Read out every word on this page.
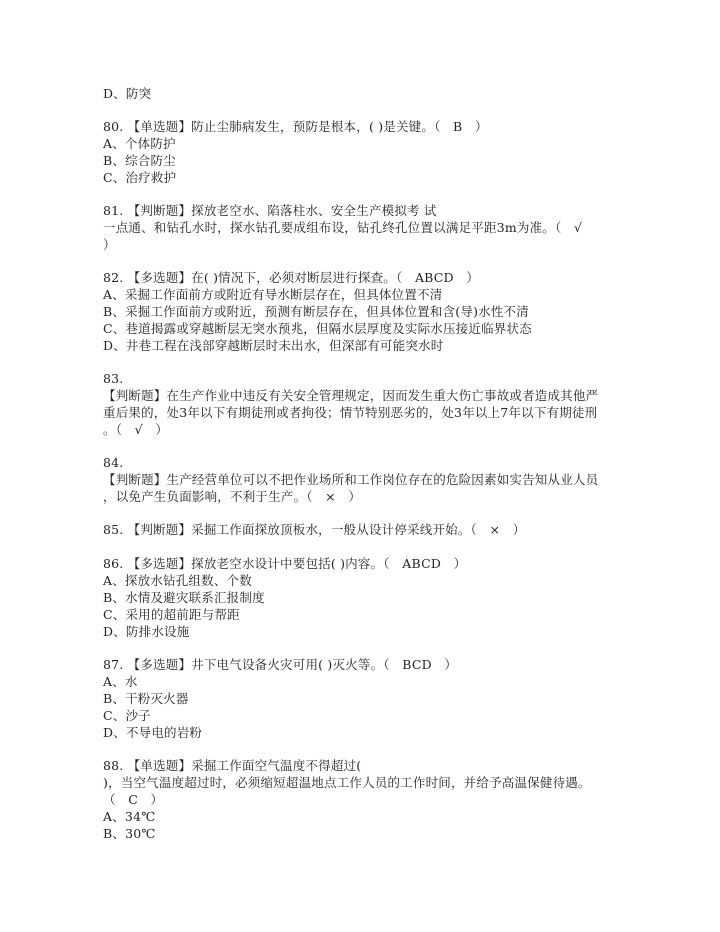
D、防突
80. 【单选题】防止尘肺病发生，预防是根本，( )是关键。（   B   ）
A、个体防护
B、综合防尘
C、治疗救护
81. 【判断题】探放老空水、陷落柱水、安全生产模拟考 试
一点通、和钻孔水时，探水钻孔要成组布设，钻孔终孔位置以满足平距3m为准。（   √
）
82. 【多选题】在( )情况下，必须对断层进行探查。（   ABCD   ）
A、采掘工作面前方或附近有导水断层存在，但具体位置不清
B、采掘工作面前方或附近，预测有断层存在，但具体位置和含(导)水性不清
C、巷道揭露或穿越断层无突水预兆，但隔水层厚度及实际水压接近临界状态
D、井巷工程在浅部穿越断层时未出水，但深部有可能突水时
83.
【判断题】在生产作业中违反有关安全管理规定，因而发生重大伤亡事故或者造成其他严
重后果的，处3年以下有期徒刑或者拘役；情节特别恶劣的，处3年以上7年以下有期徒刑
。（   √   ）
84.
【判断题】生产经营单位可以不把作业场所和工作岗位存在的危险因素如实告知从业人员
，以免产生负面影响，不利于生产。（   ×   ）
85. 【判断题】采掘工作面探放顶板水，一般从设计停采线开始。（   ×   ）
86. 【多选题】探放老空水设计中要包括( )内容。（   ABCD   ）
A、探放水钻孔组数、个数
B、水情及避灾联系汇报制度
C、采用的超前距与帮距
D、防排水设施
87. 【多选题】井下电气设备火灾可用( )灭火等。（   BCD   ）
A、水
B、干粉灭火器
C、沙子
D、不导电的岩粉
88. 【单选题】采掘工作面空气温度不得超过(
)，当空气温度超过时，必须缩短超温地点工作人员的工作时间，并给予高温保健待遇。
（   C   ）
A、34℃
B、30℃
